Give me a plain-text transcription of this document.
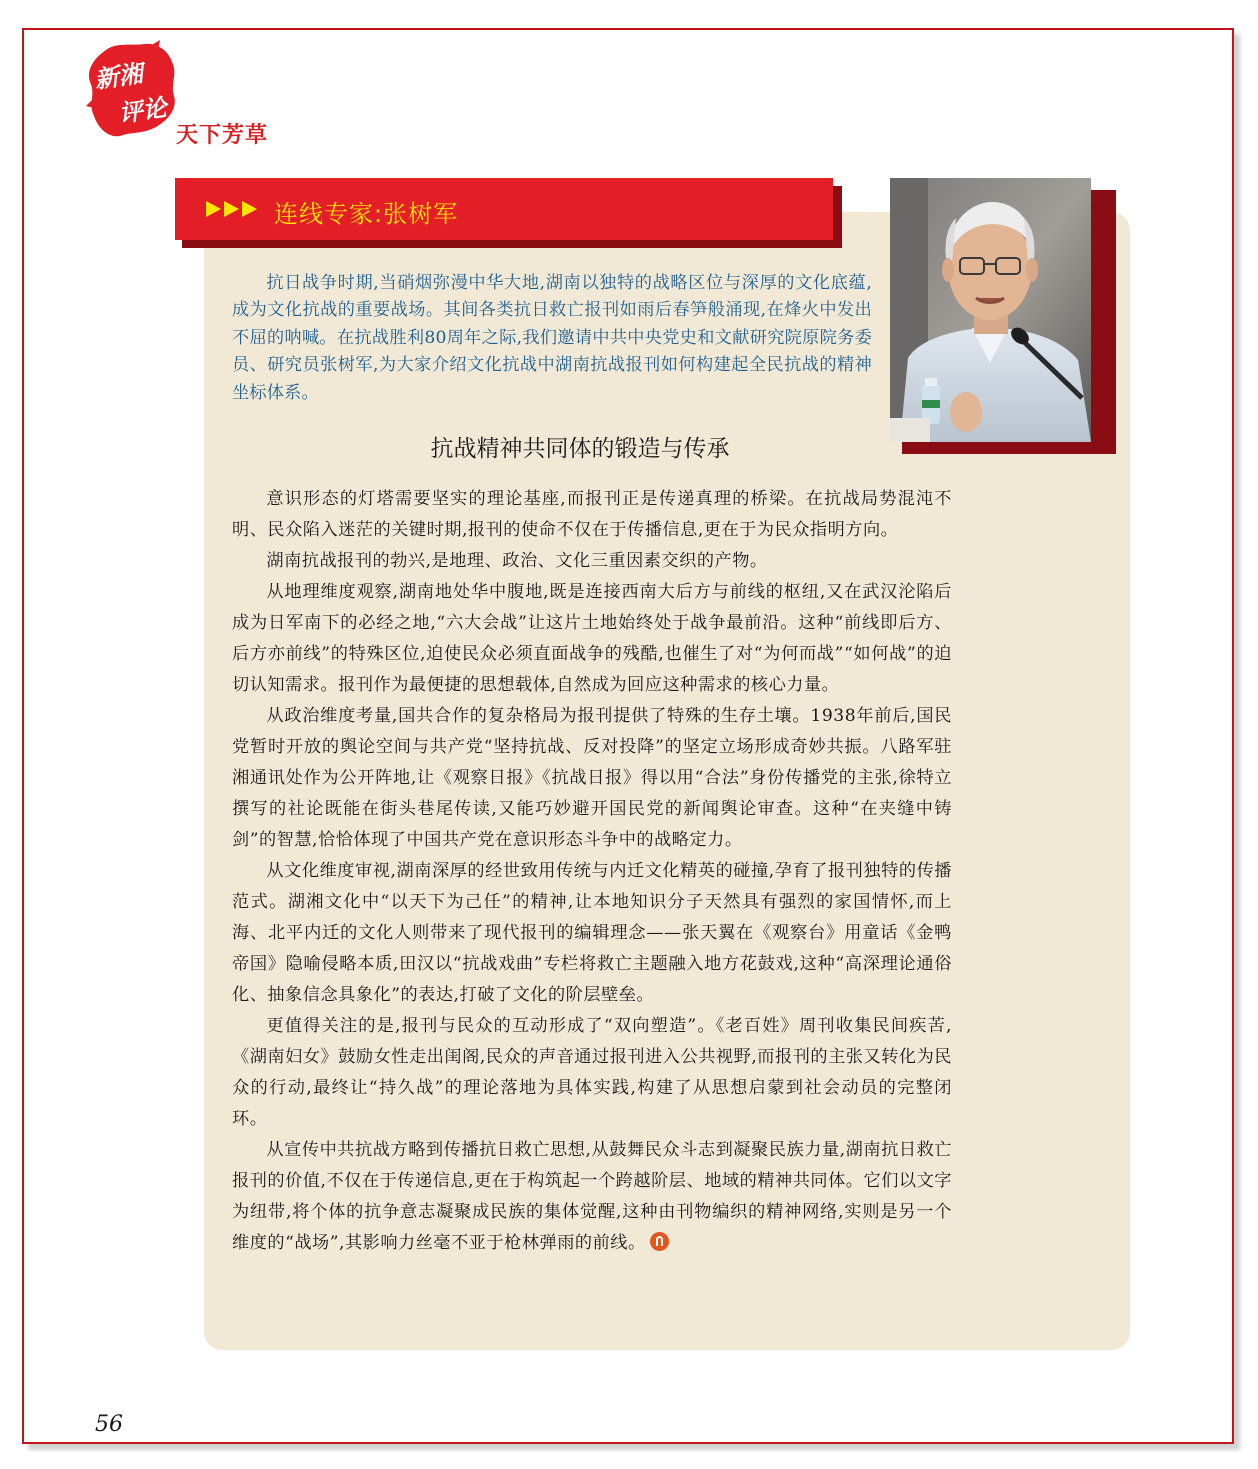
新湘
评论
天下芳草
连线专家:张树军
抗日战争时期,当硝烟弥漫中华大地,湖南以独特的战略区位与深厚的文化底蕴,成为文化抗战的重要战场。其间各类抗日救亡报刊如雨后春笋般涌现,在烽火中发出不屈的呐喊。在抗战胜利80周年之际,我们邀请中共中央党史和文献研究院原院务委员、研究员张树军,为大家介绍文化抗战中湖南抗战报刊如何构建起全民抗战的精神坐标体系。
抗战精神共同体的锻造与传承

意识形态的灯塔需要坚实的理论基座,而报刊正是传递真理的桥梁。在抗战局势混沌不明、民众陷入迷茫的关键时期,报刊的使命不仅在于传播信息,更在于为民众指明方向。

湖南抗战报刊的勃兴,是地理、政治、文化三重因素交织的产物。

从地理维度观察,湖南地处华中腹地,既是连接西南大后方与前线的枢纽,又在武汉沦陷后成为日军南下的必经之地,“六大会战”让这片土地始终处于战争最前沿。这种“前线即后方、后方亦前线”的特殊区位,迫使民众必须直面战争的残酷,也催生了对“为何而战”“如何战”的迫切认知需求。报刊作为最便捷的思想载体,自然成为回应这种需求的核心力量。

从政治维度考量,国共合作的复杂格局为报刊提供了特殊的生存土壤。1938年前后,国民党暂时开放的舆论空间与共产党“坚持抗战、反对投降”的坚定立场形成奇妙共振。八路军驻湘通讯处作为公开阵地,让《观察日报》《抗战日报》得以用“合法”身份传播党的主张,徐特立撰写的社论既能在街头巷尾传读,又能巧妙避开国民党的新闻舆论审查。这种“在夹缝中铸剑”的智慧,恰恰体现了中国共产党在意识形态斗争中的战略定力。

从文化维度审视,湖南深厚的经世致用传统与内迁文化精英的碰撞,孕育了报刊独特的传播范式。湖湘文化中“以天下为己任”的精神,让本地知识分子天然具有强烈的家国情怀,而上海、北平内迁的文化人则带来了现代报刊的编辑理念——张天翼在《观察台》用童话《金鸭帝国》隐喻侵略本质,田汉以“抗战戏曲”专栏将救亡主题融入地方花鼓戏,这种“高深理论通俗化、抽象信念具象化”的表达,打破了文化的阶层壁垒。

更值得关注的是,报刊与民众的互动形成了“双向塑造”。《老百姓》周刊收集民间疾苦,《湖南妇女》鼓励女性走出闺阁,民众的声音通过报刊进入公共视野,而报刊的主张又转化为民众的行动,最终让“持久战”的理论落地为具体实践,构建了从思想启蒙到社会动员的完整闭环。

从宣传中共抗战方略到传播抗日救亡思想,从鼓舞民众斗志到凝聚民族力量,湖南抗日救亡报刊的价值,不仅在于传递信息,更在于构筑起一个跨越阶层、地域的精神共同体。它们以文字为纽带,将个体的抗争意志凝聚成民族的集体觉醒,这种由刊物编织的精神网络,实则是另一个维度的“战场”,其影响力丝毫不亚于枪林弹雨的前线。

56
